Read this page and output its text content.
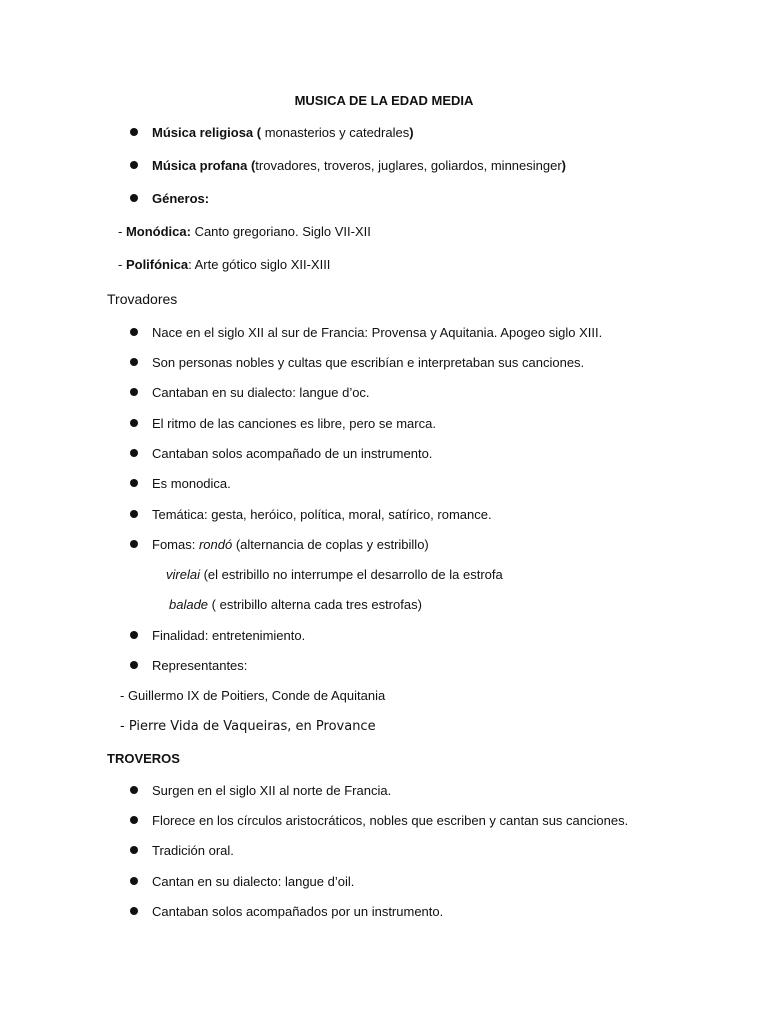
MUSICA DE LA EDAD MEDIA
Música religiosa ( monasterios y catedrales)
Música profana (trovadores, troveros, juglares, goliardos, minnesinger)
Géneros:
- Monódica: Canto gregoriano. Siglo VII-XII
- Polifónica: Arte gótico siglo XII-XIII
Trovadores
Nace en el siglo XII al sur de Francia: Provensa y Aquitania. Apogeo siglo XIII.
Son personas nobles y cultas que escribían e interpretaban sus canciones.
Cantaban en su dialecto: langue d’oc.
El ritmo de las canciones es libre, pero se marca.
Cantaban solos acompañado de un instrumento.
Es monodica.
Temática: gesta, heróico, política, moral, satírico, romance.
Fomas: rondó (alternancia de coplas y estribillo)
virelai (el estribillo no interrumpe el desarrollo de la estrofa
balade ( estribillo alterna cada tres estrofas)
Finalidad: entretenimiento.
Representantes:
- Guillermo IX de Poitiers, Conde de Aquitania
- Pierre Vida de Vaqueiras, en Provance
TROVEROS
Surgen en el siglo XII al norte de Francia.
Florece en los círculos aristocráticos, nobles que escriben y cantan sus canciones.
Tradición oral.
Cantan en su dialecto: langue d’oil.
Cantaban solos acompañados por un instrumento.
